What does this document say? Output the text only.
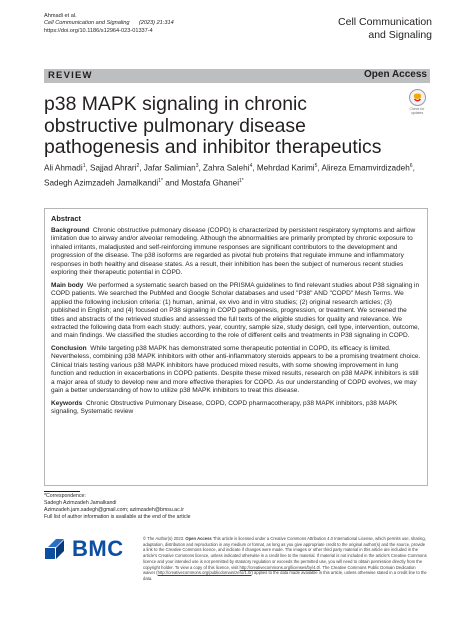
Ahmadi et al.
Cell Communication and Signaling (2023) 21:314
https://doi.org/10.1186/s12964-023-01337-4
Cell Communication
and Signaling
REVIEW	Open Access
p38 MAPK signaling in chronic obstructive pulmonary disease pathogenesis and inhibitor therapeutics
Check for
updates
Ali Ahmadi$^1$, Sajjad Ahrari$^2$, Jafar Salimian$^3$, Zahra Salehi$^4$, Mehrdad Karimi$^5$, Alireza Emamvirdizadeh$^6$, Sadegh Azimzadeh Jamalkandi$^{1*}$ and Mostafa Ghanei$^{1*}$
Abstract

Background Chronic obstructive pulmonary disease (COPD) is characterized by persistent respiratory symptoms and airflow limitation due to airway and/or alveolar remodeling. Although the abnormalities are primarily prompted by chronic exposure to inhaled irritants, maladjusted and self-reinforcing immune responses are significant contributors to the development and progression of the disease. The p38 isoforms are regarded as pivotal hub proteins that regulate immune and inflammatory responses in both healthy and disease states. As a result, their inhibition has been the subject of numerous recent studies exploring their therapeutic potential in COPD.

Main body We performed a systematic search based on the PRISMA guidelines to find relevant studies about P38 signaling in COPD patients. We searched the PubMed and Google Scholar databases and used "P38" AND "COPD" Mesh Terms. We applied the following inclusion criteria: (1) human, animal, ex vivo and in vitro studies; (2) original research articles; (3) published in English; and (4) focused on P38 signaling in COPD pathogenesis, progression, or treatment. We screened the titles and abstracts of the retrieved studies and assessed the full texts of the eligible studies for quality and relevance. We extracted the following data from each study: authors, year, country, sample size, study design, cell type, intervention, outcome, and main findings. We classified the studies according to the role of different cells and treatments in P38 signaling in COPD.

Conclusion While targeting p38 MAPK has demonstrated some therapeutic potential in COPD, its efficacy is limited. Nevertheless, combining p38 MAPK inhibitors with other anti-inflammatory steroids appears to be a promising treatment choice. Clinical trials testing various p38 MAPK inhibitors have produced mixed results, with some showing improvement in lung function and reduction in exacerbations in COPD patients. Despite these mixed results, research on p38 MAPK inhibitors is still a major area of study to develop new and more effective therapies for COPD. As our understanding of COPD evolves, we may gain a better understanding of how to utilize p38 MAPK inhibitors to treat this disease.

Keywords Chronic Obstructive Pulmonary Disease, COPD, COPD pharmacotherapy, p38 MAPK inhibitors, p38 MAPK signaling, Systematic review

*Correspondence:
Sadegh Azimzadeh Jamalkandi
Azimzadeh.jam.sadegh@gmail.com; azimzadeh@bmsu.ac.ir
Full list of author information is available at the end of the article
BMC	© The Author(s) 2023. Open Access This article is licensed under a Creative Commons Attribution 4.0 International License, which permits use, sharing, adaptation, distribution and reproduction in any medium or format, as long as you give appropriate credit to the original author(s) and the source, provide a link to the Creative Commons licence, and indicate if changes were made. The images or other third party material in this article are included in the article's Creative Commons licence, unless indicated otherwise in a credit line to the material. If material is not included in the article's Creative Commons licence and your intended use is not permitted by statutory regulation or exceeds the permitted use, you will need to obtain permission directly from the copyright holder. To view a copy of this licence, visit http://creativecommons.org/licenses/by/4.0/. The Creative Commons Public Domain Dedication waiver (http://creativecommons.org/publicdomain/zero/1.0/) applies to the data made available in this article, unless otherwise stated in a credit line to the data.
